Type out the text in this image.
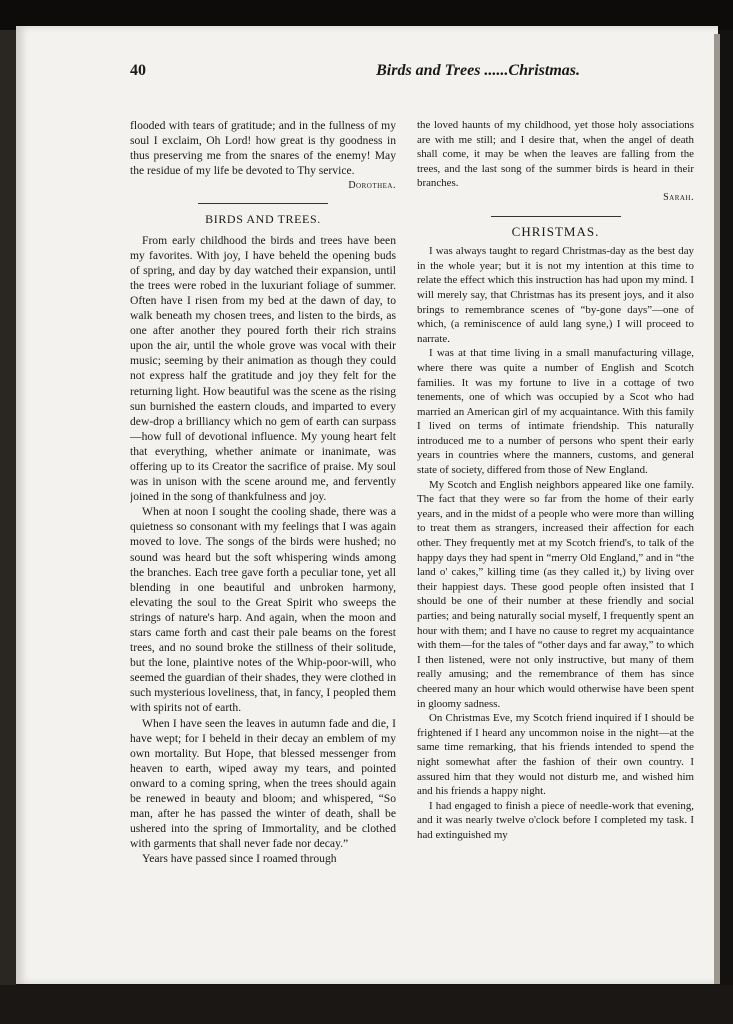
40	Birds and Trees ......Christmas.

flooded with tears of gratitude; and in the fullness of my soul I exclaim, Oh Lord! how great is thy goodness in thus preserving me from the snares of the enemy! May the residue of my life be devoted to Thy service.

Dorothea.
BIRDS AND TREES.

From early childhood the birds and trees have been my favorites. With joy, I have beheld the opening buds of spring, and day by day watched their expansion, until the trees were robed in the luxuriant foliage of summer. Often have I risen from my bed at the dawn of day, to walk beneath my chosen trees, and listen to the birds, as one after another they poured forth their rich strains upon the air, until the whole grove was vocal with their music; seeming by their animation as though they could not express half the gratitude and joy they felt for the returning light. How beautiful was the scene as the rising sun burnished the eastern clouds, and imparted to every dew-drop a brilliancy which no gem of earth can surpass—how full of devotional influence. My young heart felt that everything, whether animate or inanimate, was offering up to its Creator the sacrifice of praise. My soul was in unison with the scene around me, and fervently joined in the song of thankfulness and joy.

When at noon I sought the cooling shade, there was a quietness so consonant with my feelings that I was again moved to love. The songs of the birds were hushed; no sound was heard but the soft whispering winds among the branches. Each tree gave forth a peculiar tone, yet all blending in one beautiful and unbroken harmony, elevating the soul to the Great Spirit who sweeps the strings of nature's harp. And again, when the moon and stars came forth and cast their pale beams on the forest trees, and no sound broke the stillness of their solitude, but the lone, plaintive notes of the Whip-poor-will, who seemed the guardian of their shades, they were clothed in such mysterious loveliness, that, in fancy, I peopled them with spirits not of earth.

When I have seen the leaves in autumn fade and die, I have wept; for I beheld in their decay an emblem of my own mortality. But Hope, that blessed messenger from heaven to earth, wiped away my tears, and pointed onward to a coming spring, when the trees should again be renewed in beauty and bloom; and whispered, “So man, after he has passed the winter of death, shall be ushered into the spring of Immortality, and be clothed with garments that shall never fade nor decay.”

Years have passed since I roamed through

the loved haunts of my childhood, yet those holy associations are with me still; and I desire that, when the angel of death shall come, it may be when the leaves are falling from the trees, and the last song of the summer birds is heard in their branches.

Sarah.
CHRISTMAS.

I was always taught to regard Christmas-day as the best day in the whole year; but it is not my intention at this time to relate the effect which this instruction has had upon my mind. I will merely say, that Christmas has its present joys, and it also brings to remembrance scenes of “by-gone days”—one of which, (a reminiscence of auld lang syne,) I will proceed to narrate.

I was at that time living in a small manufacturing village, where there was quite a number of English and Scotch families. It was my fortune to live in a cottage of two tenements, one of which was occupied by a Scot who had married an American girl of my acquaintance. With this family I lived on terms of intimate friendship. This naturally introduced me to a number of persons who spent their early years in countries where the manners, customs, and general state of society, differed from those of New England.

My Scotch and English neighbors appeared like one family. The fact that they were so far from the home of their early years, and in the midst of a people who were more than willing to treat them as strangers, increased their affection for each other. They frequently met at my Scotch friend's, to talk of the happy days they had spent in “merry Old England,” and in “the land o' cakes,” killing time (as they called it,) by living over their happiest days. These good people often insisted that I should be one of their number at these friendly and social parties; and being naturally social myself, I frequently spent an hour with them; and I have no cause to regret my acquaintance with them—for the tales of “other days and far away,” to which I then listened, were not only instructive, but many of them really amusing; and the remembrance of them has since cheered many an hour which would otherwise have been spent in gloomy sadness.

On Christmas Eve, my Scotch friend inquired if I should be frightened if I heard any uncommon noise in the night—at the same time remarking, that his friends intended to spend the night somewhat after the fashion of their own country. I assured him that they would not disturb me, and wished him and his friends a happy night.

I had engaged to finish a piece of needle-work that evening, and it was nearly twelve o'clock before I completed my task. I had extinguished my
